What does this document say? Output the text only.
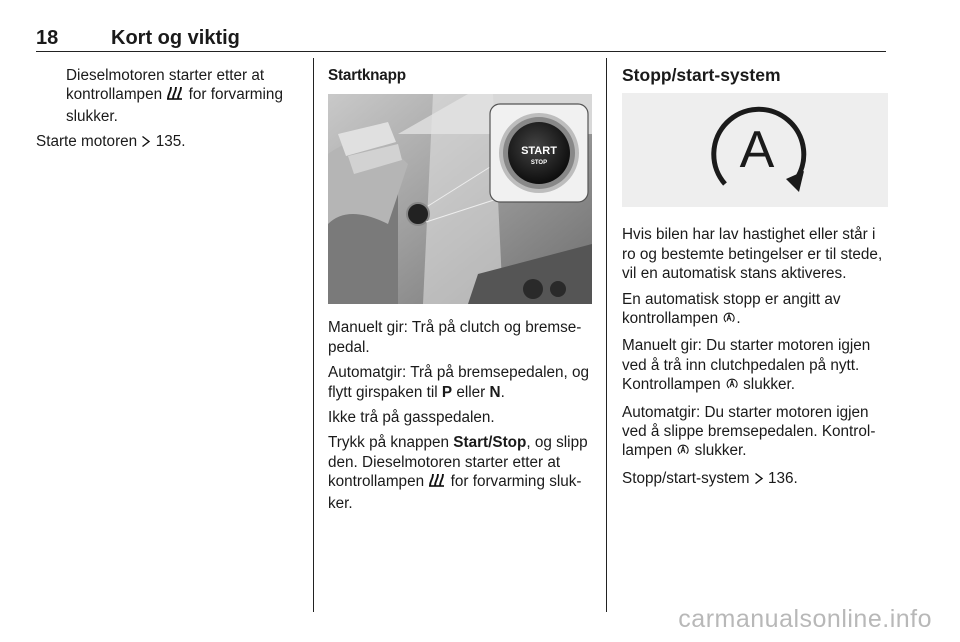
18	Kort og viktig

Dieselmotoren starter etter at
kontrollampen for forvarming
slukker.

Starte motoren 135.

Startknapp
START
STOP

Manuelt gir: Trå på clutch og bremsepedal.

Automatgir: Trå på bremsepedalen, og flytt girspaken til P eller N.

Ikke trå på gasspedalen.

Trykk på knappen Start/Stop, og slipp den. Dieselmotoren starter etter at kontrollampen for forvarming slukker.

Stopp/start-system
A

Hvis bilen har lav hastighet eller står i ro og bestemte betingelser er til stede, vil en automatisk stans aktiveres.

En automatisk stopp er angitt av kontrollampen .

Manuelt gir: Du starter motoren igjen ved å trå inn clutchpedalen på nytt. Kontrollampen slukker.

Automatgir: Du starter motoren igjen ved å slippe bremsepedalen. Kontrollampen slukker.

Stopp/start-system 136.

carmanualsonline.info
